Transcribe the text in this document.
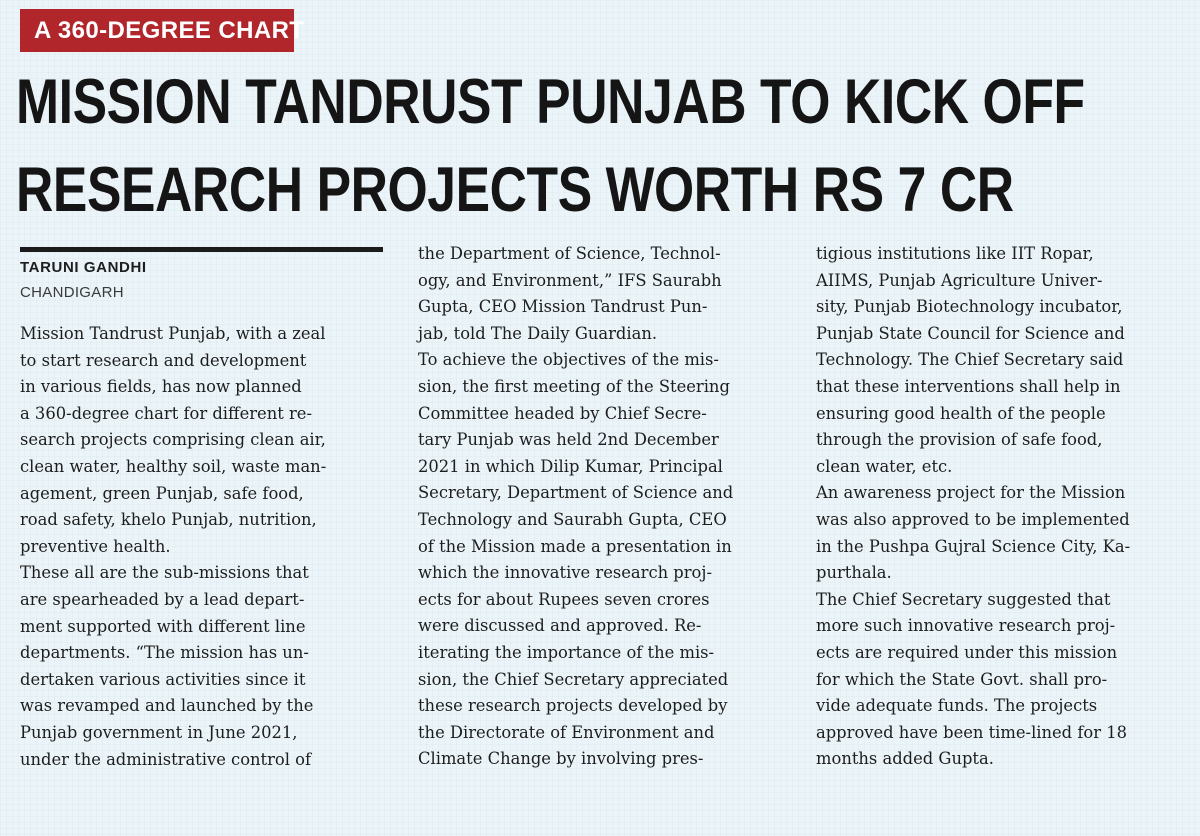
A 360-DEGREE CHART
MISSION TANDRUST PUNJAB TO KICK OFF
RESEARCH PROJECTS WORTH RS 7 CR
TARUNI GANDHI
CHANDIGARH
Mission Tandrust Punjab, with a zeal
to start research and development
in various fields, has now planned
a 360-degree chart for different re-
search projects comprising clean air,
clean water, healthy soil, waste man-
agement, green Punjab, safe food,
road safety, khelo Punjab, nutrition,
preventive health.
These all are the sub-missions that
are spearheaded by a lead depart-
ment supported with different line
departments. “The mission has un-
dertaken various activities since it
was revamped and launched by the
Punjab government in June 2021,
under the administrative control of
the Department of Science, Technol-
ogy, and Environment,” IFS Saurabh
Gupta, CEO Mission Tandrust Pun-
jab, told The Daily Guardian.
To achieve the objectives of the mis-
sion, the first meeting of the Steering
Committee headed by Chief Secre-
tary Punjab was held 2nd December
2021 in which Dilip Kumar, Principal
Secretary, Department of Science and
Technology and Saurabh Gupta, CEO
of the Mission made a presentation in
which the innovative research proj-
ects for about Rupees seven crores
were discussed and approved. Re-
iterating the importance of the mis-
sion, the Chief Secretary appreciated
these research projects developed by
the Directorate of Environment and
Climate Change by involving pres-
tigious institutions like IIT Ropar,
AIIMS, Punjab Agriculture Univer-
sity, Punjab Biotechnology incubator,
Punjab State Council for Science and
Technology. The Chief Secretary said
that these interventions shall help in
ensuring good health of the people
through the provision of safe food,
clean water, etc.
An awareness project for the Mission
was also approved to be implemented
in the Pushpa Gujral Science City, Ka-
purthala.
The Chief Secretary suggested that
more such innovative research proj-
ects are required under this mission
for which the State Govt. shall pro-
vide adequate funds. The projects
approved have been time-lined for 18
months added Gupta.
